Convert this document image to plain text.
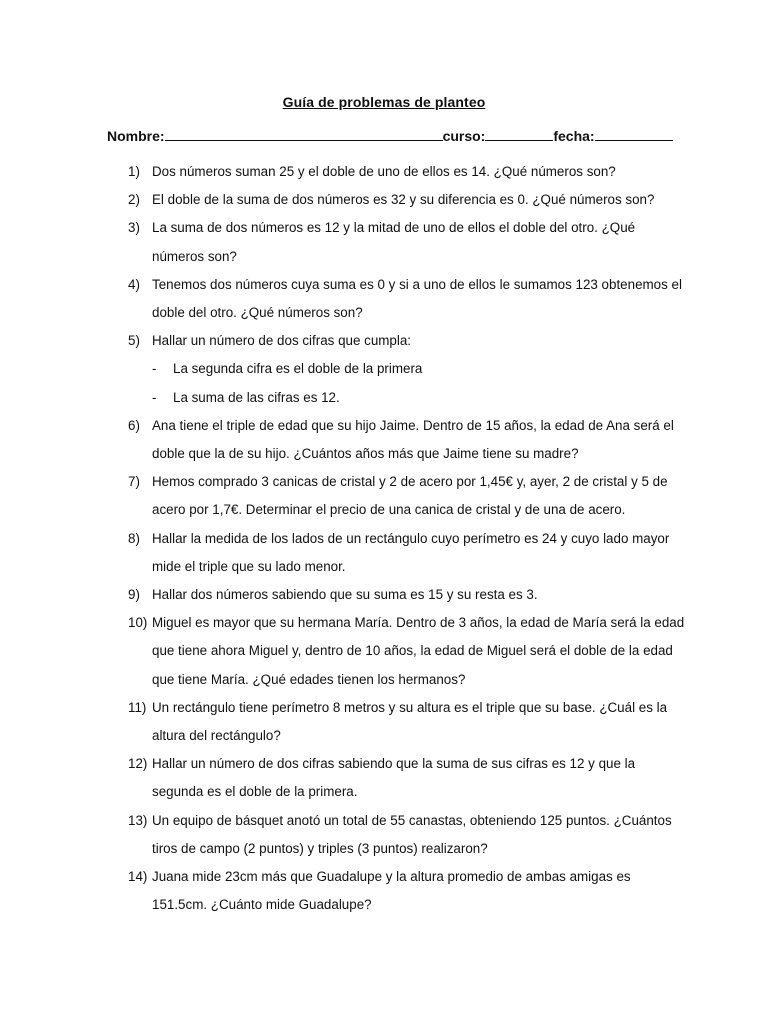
Guía de problemas de planteo
Nombre:	curso:	fecha:
1) Dos números suman 25 y el doble de uno de ellos es 14. ¿Qué números son?
2) El doble de la suma de dos números es 32 y su diferencia es 0. ¿Qué números son?
3) La suma de dos números es 12 y la mitad de uno de ellos el doble del otro. ¿Qué números son?
4) Tenemos dos números cuya suma es 0 y si a uno de ellos le sumamos 123 obtenemos el doble del otro. ¿Qué números son?
5) Hallar un número de dos cifras que cumpla:
- La segunda cifra es el doble de la primera
- La suma de las cifras es 12.
6) Ana tiene el triple de edad que su hijo Jaime. Dentro de 15 años, la edad de Ana será el doble que la de su hijo. ¿Cuántos años más que Jaime tiene su madre?
7) Hemos comprado 3 canicas de cristal y 2 de acero por 1,45€ y, ayer, 2 de cristal y 5 de acero por 1,7€. Determinar el precio de una canica de cristal y de una de acero.
8) Hallar la medida de los lados de un rectángulo cuyo perímetro es 24 y cuyo lado mayor mide el triple que su lado menor.
9) Hallar dos números sabiendo que su suma es 15 y su resta es 3.
10) Miguel es mayor que su hermana María. Dentro de 3 años, la edad de María será la edad que tiene ahora Miguel y, dentro de 10 años, la edad de Miguel será el doble de la edad que tiene María. ¿Qué edades tienen los hermanos?
11) Un rectángulo tiene perímetro 8 metros y su altura es el triple que su base. ¿Cuál es la altura del rectángulo?
12) Hallar un número de dos cifras sabiendo que la suma de sus cifras es 12 y que la segunda es el doble de la primera.
13) Un equipo de básquet anotó un total de 55 canastas, obteniendo 125 puntos. ¿Cuántos tiros de campo (2 puntos) y triples (3 puntos) realizaron?
14) Juana mide 23cm más que Guadalupe y la altura promedio de ambas amigas es 151.5cm. ¿Cuánto mide Guadalupe?
